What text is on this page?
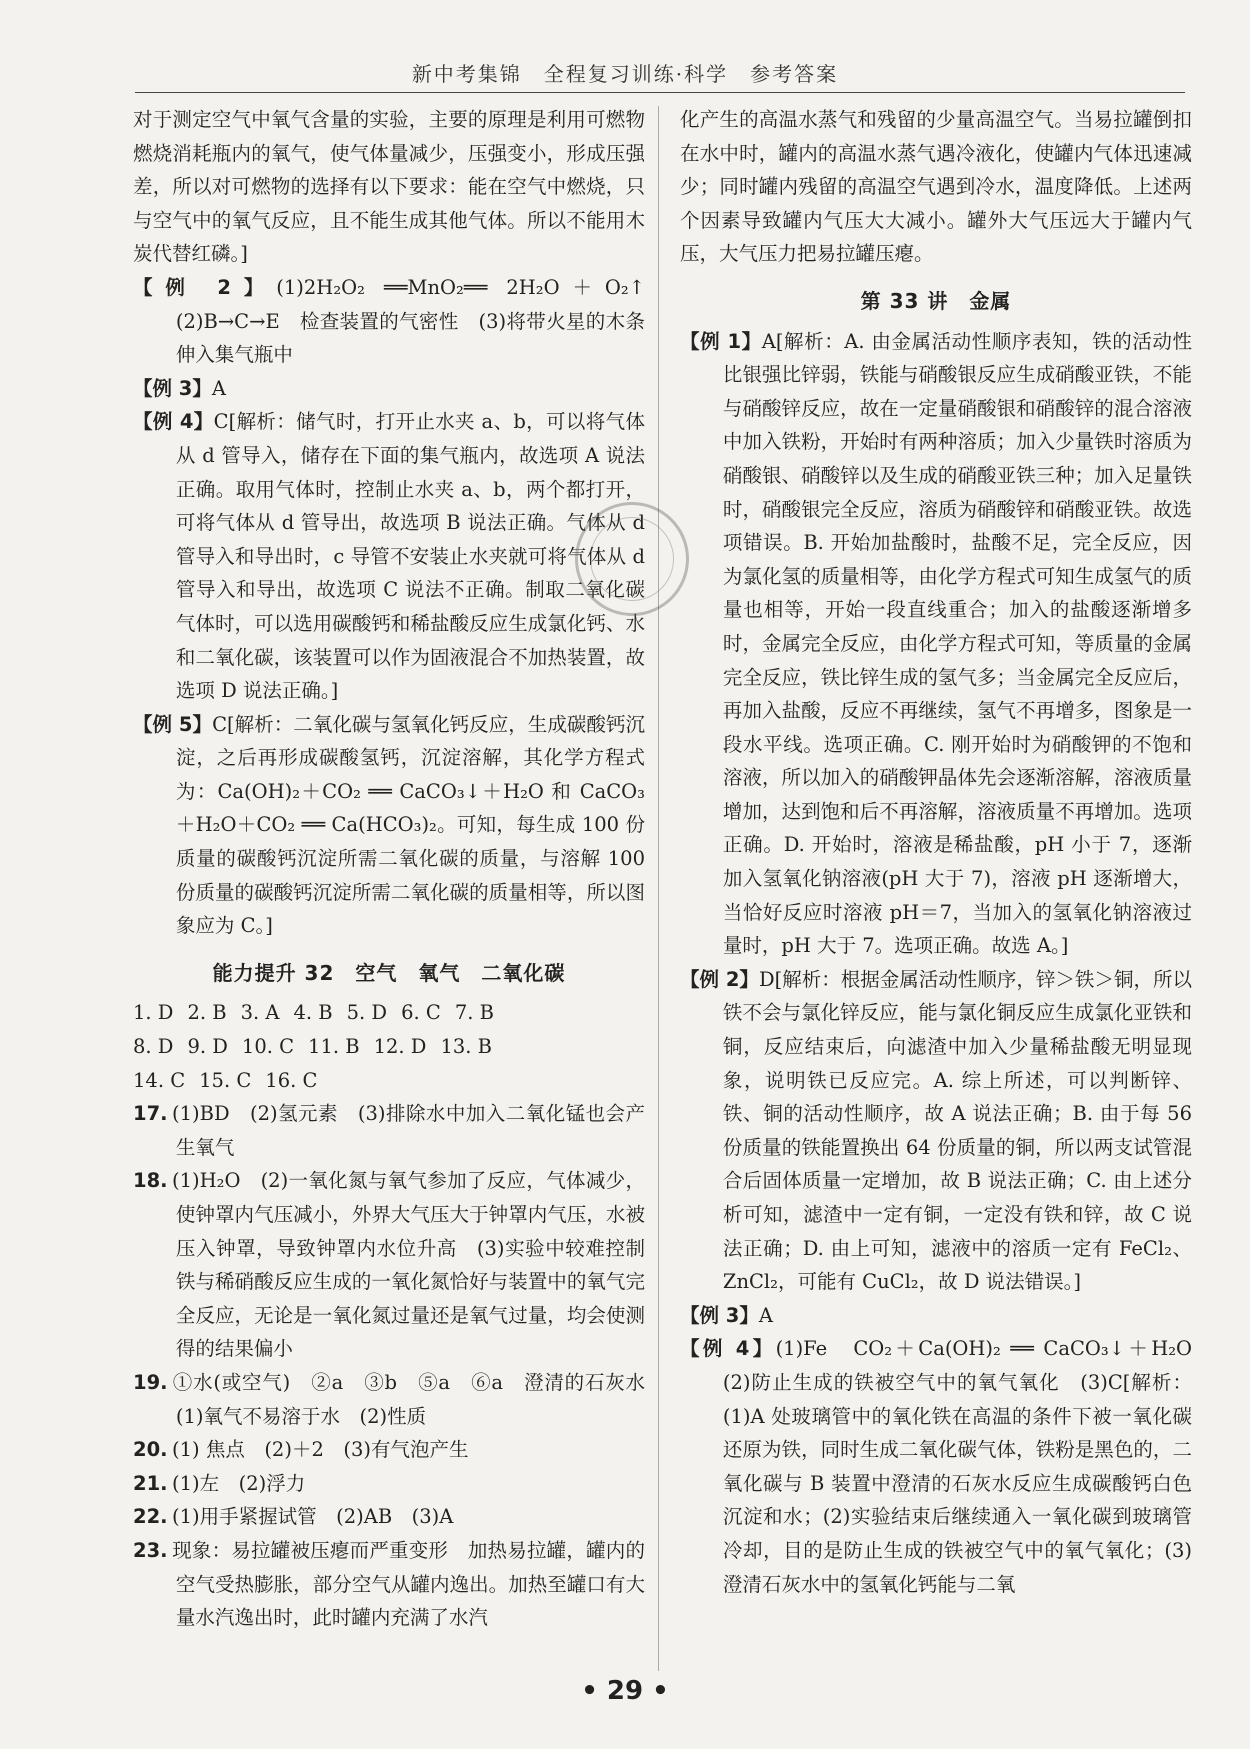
新中考集锦　全程复习训练·科学　参考答案

对于测定空气中氧气含量的实验，主要的原理是利用可燃物燃烧消耗瓶内的氧气，使气体量减少，压强变小，形成压强差，所以对可燃物的选择有以下要求：能在空气中燃烧，只与空气中的氧气反应，且不能生成其他气体。所以不能用木炭代替红磷。]

【例 2】(1)2H₂O₂ ══MnO₂══ 2H₂O＋O₂↑　(2)B→C→E　检查装置的气密性　(3)将带火星的木条伸入集气瓶中

【例 3】A

【例 4】C[解析：储气时，打开止水夹 a、b，可以将气体从 d 管导入，储存在下面的集气瓶内，故选项 A 说法正确。取用气体时，控制止水夹 a、b，两个都打开，可将气体从 d 管导出，故选项 B 说法正确。气体从 d 管导入和导出时，c 导管不安装止水夹就可将气体从 d 管导入和导出，故选项 C 说法不正确。制取二氧化碳气体时，可以选用碳酸钙和稀盐酸反应生成氯化钙、水和二氧化碳，该装置可以作为固液混合不加热装置，故选项 D 说法正确。]

【例 5】C[解析：二氧化碳与氢氧化钙反应，生成碳酸钙沉淀，之后再形成碳酸氢钙，沉淀溶解，其化学方程式为：Ca(OH)₂＋CO₂ ══ CaCO₃↓＋H₂O 和 CaCO₃＋H₂O＋CO₂ ══ Ca(HCO₃)₂。可知，每生成 100 份质量的碳酸钙沉淀所需二氧化碳的质量，与溶解 100 份质量的碳酸钙沉淀所需二氧化碳的质量相等，所以图象应为 C。]

能力提升 32　空气　氧气　二氧化碳
1. D 2. B 3. A 4. B 5. D 6. C 7. B
8. D 9. D 10. C 11. B 12. D 13. B
14. C 15. C 16. C

17. (1)BD　(2)氢元素　(3)排除水中加入二氧化锰也会产生氧气

18. (1)H₂O　(2)一氧化氮与氧气参加了反应，气体减少，使钟罩内气压减小，外界大气压大于钟罩内气压，水被压入钟罩，导致钟罩内水位升高　(3)实验中较难控制铁与稀硝酸反应生成的一氧化氮恰好与装置中的氧气完全反应，无论是一氧化氮过量还是氧气过量，均会使测得的结果偏小

19. ①水(或空气)　②a　③b　⑤a　⑥a　澄清的石灰水　(1)氧气不易溶于水　(2)性质

20. (1) 焦点　(2)＋2　(3)有气泡产生

21. (1)左　(2)浮力

22. (1)用手紧握试管　(2)AB　(3)A

23. 现象：易拉罐被压瘪而严重变形　加热易拉罐，罐内的空气受热膨胀，部分空气从罐内逸出。加热至罐口有大量水汽逸出时，此时罐内充满了水汽

化产生的高温水蒸气和残留的少量高温空气。当易拉罐倒扣在水中时，罐内的高温水蒸气遇冷液化，使罐内气体迅速减少；同时罐内残留的高温空气遇到冷水，温度降低。上述两个因素导致罐内气压大大减小。罐外大气压远大于罐内气压，大气压力把易拉罐压瘪。

第 33 讲　金属

【例 1】A[解析：A. 由金属活动性顺序表知，铁的活动性比银强比锌弱，铁能与硝酸银反应生成硝酸亚铁，不能与硝酸锌反应，故在一定量硝酸银和硝酸锌的混合溶液中加入铁粉，开始时有两种溶质；加入少量铁时溶质为硝酸银、硝酸锌以及生成的硝酸亚铁三种；加入足量铁时，硝酸银完全反应，溶质为硝酸锌和硝酸亚铁。故选项错误。B. 开始加盐酸时，盐酸不足，完全反应，因为氯化氢的质量相等，由化学方程式可知生成氢气的质量也相等，开始一段直线重合；加入的盐酸逐渐增多时，金属完全反应，由化学方程式可知，等质量的金属完全反应，铁比锌生成的氢气多；当金属完全反应后，再加入盐酸，反应不再继续，氢气不再增多，图象是一段水平线。选项正确。C. 刚开始时为硝酸钾的不饱和溶液，所以加入的硝酸钾晶体先会逐渐溶解，溶液质量增加，达到饱和后不再溶解，溶液质量不再增加。选项正确。D. 开始时，溶液是稀盐酸，pH 小于 7，逐渐加入氢氧化钠溶液(pH 大于 7)，溶液 pH 逐渐增大，当恰好反应时溶液 pH＝7，当加入的氢氧化钠溶液过量时，pH 大于 7。选项正确。故选 A。]

【例 2】D[解析：根据金属活动性顺序，锌＞铁＞铜，所以铁不会与氯化锌反应，能与氯化铜反应生成氯化亚铁和铜，反应结束后，向滤渣中加入少量稀盐酸无明显现象，说明铁已反应完。A. 综上所述，可以判断锌、铁、铜的活动性顺序，故 A 说法正确；B. 由于每 56 份质量的铁能置换出 64 份质量的铜，所以两支试管混合后固体质量一定增加，故 B 说法正确；C. 由上述分析可知，滤渣中一定有铜，一定没有铁和锌，故 C 说法正确；D. 由上可知，滤液中的溶质一定有 FeCl₂、ZnCl₂，可能有 CuCl₂，故 D 说法错误。]

【例 3】A

【例 4】(1)Fe　CO₂＋Ca(OH)₂ ══ CaCO₃↓＋H₂O　(2)防止生成的铁被空气中的氧气氧化　(3)C[解析：(1)A 处玻璃管中的氧化铁在高温的条件下被一氧化碳还原为铁，同时生成二氧化碳气体，铁粉是黑色的，二氧化碳与 B 装置中澄清的石灰水反应生成碳酸钙白色沉淀和水；(2)实验结束后继续通入一氧化碳到玻璃管冷却，目的是防止生成的铁被空气中的氧气氧化；(3)澄清石灰水中的氢氧化钙能与二氧

• 29 •
